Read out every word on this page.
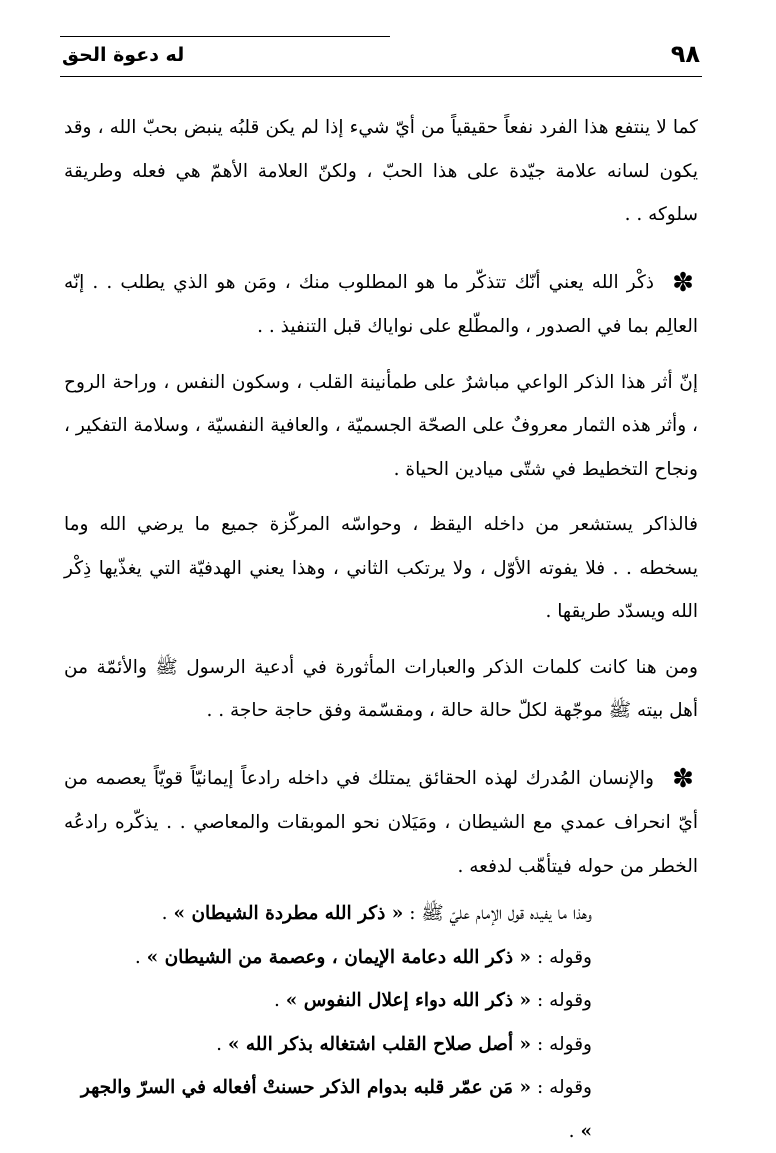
له دعوة الحق	٩٨

كما لا ينتفع هذا الفرد نفعاً حقيقياً من أيّ شيء إذا لم يكن قلبُه ينبض بحبّ الله ، وقد يكون لسانه علامة جيّدة على هذا الحبّ ، ولكنّ العلامة الأهمّ هي فعله وطريقة سلوكه . .

✽ذكْر الله يعني أنّك تتذكّر ما هو المطلوب منك ، ومَن هو الذي يطلب . . إنّه العالِم بما في الصدور ، والمطّلع على نواياك قبل التنفيذ . .

إنّ أثر هذا الذكر الواعي مباشرٌ على طمأنينة القلب ، وسكون النفس ، وراحة الروح ، وأثر هذه الثمار معروفٌ على الصحّة الجسميّة ، والعافية النفسيّة ، وسلامة التفكير ، ونجاح التخطيط في شتّى ميادين الحياة .

فالذاكر يستشعر من داخله اليقظ ، وحواسّه المركّزة جميع ما يرضي الله وما يسخطه . . فلا يفوته الأوّل ، ولا يرتكب الثاني ، وهذا يعني الهدفيّة التي يغذّيها ذِكْر الله ويسدّد طريقها .

ومن هنا كانت كلمات الذكر والعبارات المأثورة في أدعية الرسول ﷺ والأئمّة من أهل بيته ﷺ موجّهة لكلّ حالة حالة ، ومقسّمة وفق حاجة حاجة . .

✽والإنسان المُدرك لهذه الحقائق يمتلك في داخله رادعاً إيمانيّاً قويّاً يعصمه من أيّ انحراف عمدي مع الشيطان ، ومَيَلان نحو الموبقات والمعاصي . . يذكّره رادعُه الخطر من حوله فيتأهّب لدفعه .

وهذا ما يفيده قول الإمام عليّ ﷺ : « ذكر الله مطردة الشيطان » .

وقوله : « ذكر الله دعامة الإيمان ، وعصمة من الشيطان » .

وقوله : « ذكر الله دواء إعلال النفوس » .

وقوله : « أصل صلاح القلب اشتغاله بذكر الله » .

وقوله : « مَن عمّر قلبه بدوام الذكر حسنتْ أفعاله في السرّ والجهر » .
